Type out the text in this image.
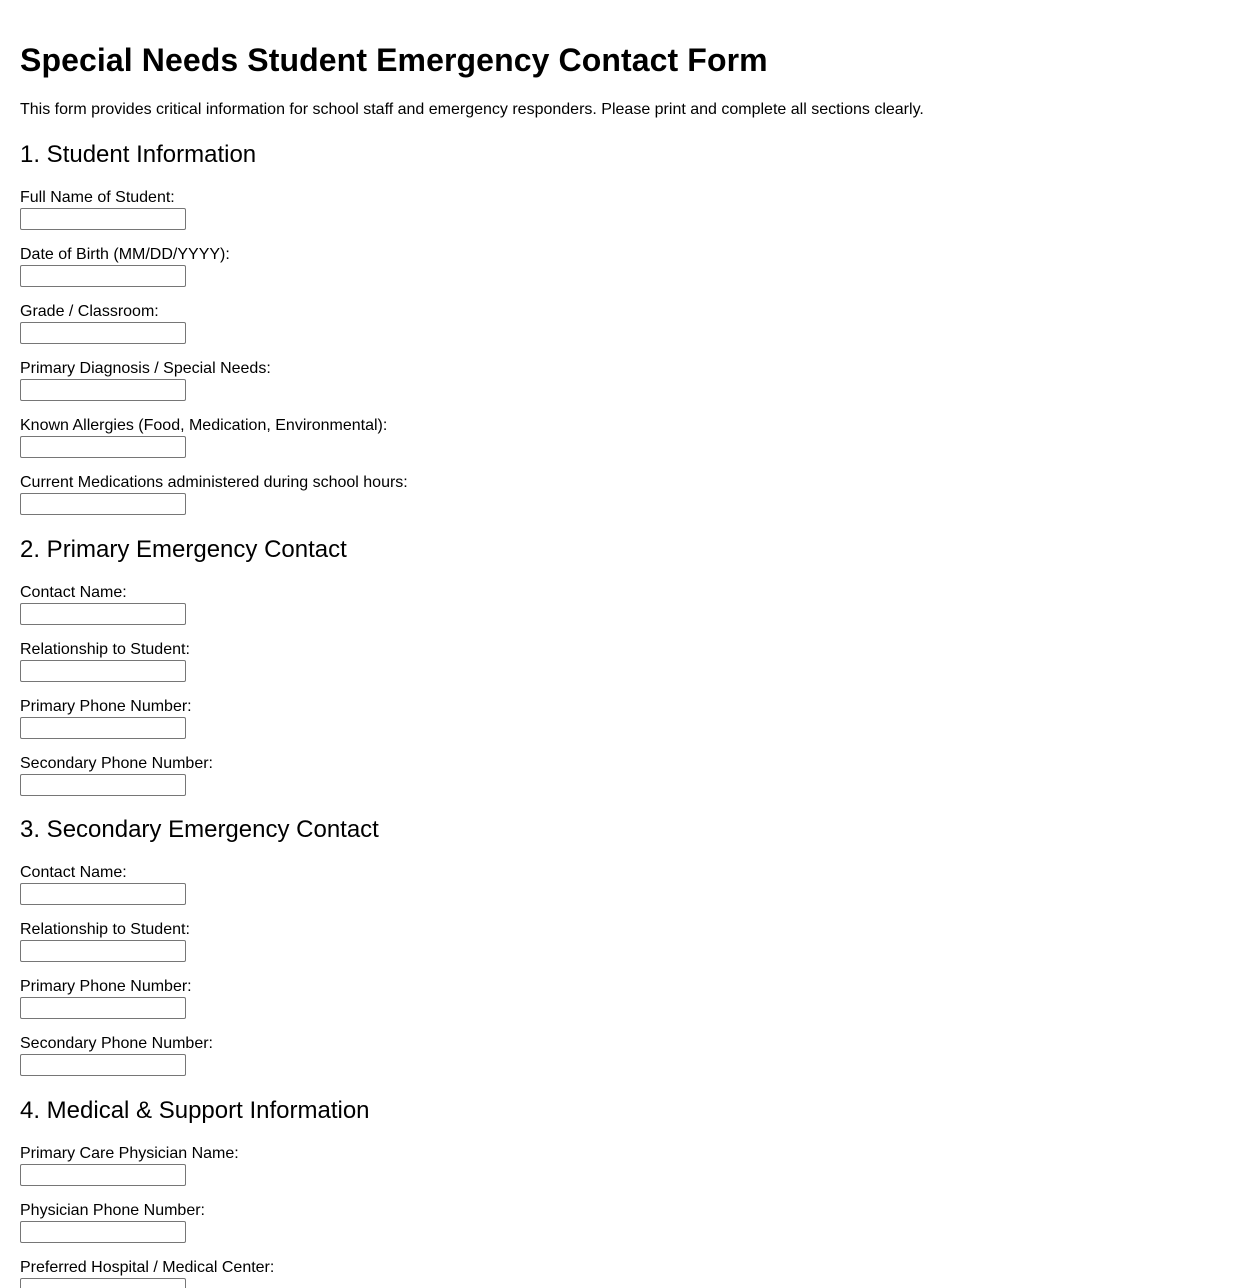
Special Needs Student Emergency Contact Form

This form provides critical information for school staff and emergency responders. Please print and complete all sections clearly.

1. Student Information
Full Name of Student:
Date of Birth (MM/DD/YYYY):
Grade / Classroom:
Primary Diagnosis / Special Needs:
Known Allergies (Food, Medication, Environmental):
Current Medications administered during school hours:
2. Primary Emergency Contact
Contact Name:
Relationship to Student:
Primary Phone Number:
Secondary Phone Number:
3. Secondary Emergency Contact
Contact Name:
Relationship to Student:
Primary Phone Number:
Secondary Phone Number:
4. Medical & Support Information
Primary Care Physician Name:
Physician Phone Number:
Preferred Hospital / Medical Center:
